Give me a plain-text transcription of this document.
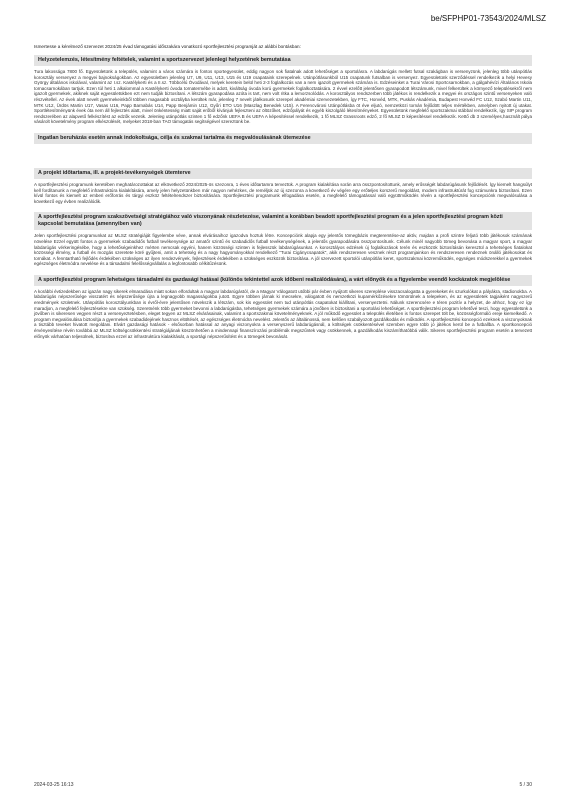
be/SFPHP01-73543/2024/MLSZ

Ismertesse a kérelmező szervezet 2024/25 évad támogatási időszakára vonatkozó sportfejlesztési programját az alábbi bontásban:

Helyzetelemzés, létesítmény feltételek, valamint a sportszervezet jelenlegi helyzetének bemutatása

Tura lakossága 7800 fő. Egyesületünk a település, valamint a város számára is fontos sportegyesület, eddig nagyon sok fiatalnak adott lehetőséget a sportolásra. A labdarúgás mellett futsal szakágban is versenyzünk, jelenleg több utánpótlás korosztály versenyez a megyei bajnokságokban. Az egyesületben jelenleg U7, U9, U11, U13, U15 és U19 csapataink szerepelnek. Utánpótlásunkból U15 csapatunk futsalban is versenyez. Egyesületünk szerződéssel rendelkezik a helyi Hevesy György általános iskolával, valamint az I.sz. Kastélykerti és a II.sz. Többcélú Óvodával, melyek keretein belül heti 2-3 foglalkozás van a nem igazolt gyermekek számára is. Edzéseinket a Turai Városi Sportcsarnokban, a gálgahévízi Általános Iskola tornacsarnokában tartjuk. Ezen túl heti 1 alkalommal a Kastélykerti óvoda tornatermébe is adott, kiváltság óvoda korú gyermekek foglalkoztatására. 2 évvel ezelőtt jelentősen gyarapodott létszámunk, mivel felkerültek a környező településekről nem igazolt gyermekek, akiknek saját egyesületükben ezt nem tudják biztosítani. A létszám gyarapodása azóta is tart, nem volt ritka a lemorzsolódás. A korosztályos rendszerben több játékos is rendelkezik a megyei és országos szintű versenyeken való részvétellel. Az évek alatt nevelt gyermekeinkből többen magasabb osztályba kerültek már, jelenleg 7 nevelt játékosunk szerepel akadémiai szervezetekben, így FTC, Honvéd, MTK, Puskás Akadémia, Budapest Honvéd FC U12, Szabó Martin U11, MTK U12, Ürdös Martin U17, Vasas U16, Papp Barnabás U14, Papp Benjámin U12, Győri ETO U16 (Maszlag Benedek U15). A Ferencvárosi Utánpótlásba öt éve eljutó, nemzetközi tornán fejlődött teljes mértékben, amelyben nyitott új utakat. Sportlétesítményünk évek óta nem áll fejlesztés alatt, mivel önkéntesség miatt saját erőből kívánjuk fejleszteni az öltözőket, edzőpályát és egyéb kiszolgáló létesítményeket. Egyesületünk megfelelő sportszakmai stábbal rendelkezik, így SIP program rendszerében az alapvető felkészítést az edzők vezetik. Jelenleg utánpótlás szinten 1 fő edzőnk UEFA B és UEFA A képesítéssel rendelkezik, 1 fő MLSZ Grassroots edző, 2 fő MLSZ D képesítéssel rendelkezik. Kettő db 3 személyes,használt pálya vásárolt követelmény program elkészülését, melyeket 2018-ban TAO támogatás segítségével szereztünk be.

Ingatlan beruházás esetén annak indokoltsága, célja és szakmai tartalma és megvalósulásának ütemezése

A projekt időtartama, ill. a projekt-tevékenységek ütemterve

A sportfejlesztési programunk keretében meghatározottakat az elkövetkező 2024/2025-ös szezonra, 1 éves időtartamra terveztük. A program kialakítása során arra összpontosítottunk, amely erősségét labdarúgásunk fejlődését. Így kiemelt hangsúlyt kell fordítanunk a megfelelő infrastruktúra kialakítására, amely jelen helyzetünkben már nagyon nehézkes, de reméljük az új szezonra a következő év végére egy erőteljes korszerű megoldást, modern infrastruktúrát fog számunkra biztosítani. Ezen kívül fontos és kiemelt az emberi erőforrás és tárgyi eszköz feltételrendszer biztosítására. Sportfejlesztési programunk elfogadása esetén, a megfelelő támogatással való együttműködés révén a sportfejlesztési koncepciónk megvalósulása a következő egy évben realizálódik.

A sportfejlesztési program szakszövetségi stratégiához való viszonyának részletezése, valamint a korábban beadott sportfejlesztési program és a jelen sportfejlesztési program közti kapcsolat bemutatása (amennyiben van)

Jelen sportfejlesztési programunkat az MLSZ stratégiáját figyelembe véve, annak elvárásaihoz igazodva hoztuk létre. Koncepciónk alapja egy jelentős tömegbázis megteremtése-az aktív, majdan a profi szintre feljutó több játékosok számának növelése Ezzel együtt fontos a gyermekek szabadidős futball tevékenysége az amatőr szintű és szabadidős futball tevékenységének, a jelentős gyarapodására összpontosítunk. Célunk minél nagyobb tömeg bevonása a magyar sport, a magyar labdarúgás vérkeringésébe, hogy a lehetőségeinkhez mérten nemcsak egyéni, hanem közösségi szinten is fejlesszük labdarúgásunkat. A korosztályos edzések új foglalkozások terén és eszközök biztosításán keresztül a tehetséges fiatalokat közösségi élmény, a futball és mozgás szeretete köré gyűjteni, amit a tehetség és a nagy hagyományokkal rendelkező "Turai Cigánycsapatok", akik rendszeresen vesznek részt programjainkon és rendszeresen rendeznek önálló játékosokat és tornákat. A fenntartható fejlődés érdekében szükséges az ilyen rendezvények, fejlesztések érdekében a szükséges eszközök biztosítása. A jól szervezett sportolói utánpótlás keret, sportszakmai közreműködés, egységes módszerekkel a gyermekek egészséges életmódra nevelése és a társadalmi felelősségvállalás a legfontosabb célkitűzésünk.

A sportfejlesztési program lehetséges társadalmi és gazdasági hatásai (különös tekintettel azok időbeni realizálódására), a várt előnyök és a figyelembe veendő kockázatok megjelölése

A korábbi évtizedekben az igazán nagy sikerek elmaradása miatt sokan elfordultak a magyar labdarúgástól, de a Magyar Válogatott utóbbi pár évben nyújtott sikeres szereplése visszacsalogatta a gyerekeket és szurkolókat a pályákra, stadionokba. A labdarúgás népszerűsége visszatért és népszerűsége újra a legnagyobb magasságokba jutott. Egyre többen járnak ki mecsekre, válogatott és nemzetközi kupamérkőzésekre tömörülnek a telepeken, és az egyesületek tagjaiként nagyszerű eredmények születnek. Utánpótlás korosztályunkban is évről-évre jelentősen növekszik a létszám, sok kis egyesület nem tud utánpótlás csapatokat kiállítani, versenyeztetni. Nálunk szerencsére e téren pozitív a helyzet, de ahhoz, hogy ez így maradjon, a megfelelő fejlesztésekre van szükség. Szeretnénk több gyermeket bevonni a labdarúgásba, tehetséges gyermekek számára a jövőben is biztosítani a sportolási lehetőséget. A sportfejlesztési program lehetővé teszi, hogy egyesületünk a jövőben is sikeresen vegyen részt a versenyeztetésben, eleget tegyen az MLSZ elvárásainak, valamint a sportszakmai követelményeknek. A jól működő egyesület a település életében is fontos szerepet tölt be, közösségformáló ereje kiemelkedő. A program megvalósulása biztosítja a gyermekek szabadidejének hasznos eltöltését, az egészséges életmódra nevelést. Jelentős az általánossá, nem kellően szabályozott gazdálkodás és működés. A sportfejlesztési koncepció ezeknek a viszonyoknak a tisztább teveket hivatott megoldani. Elvárt gazdasági hatások - elsősorban hatással az anyagi viszonyokra a versenyszerű labdarúgásnál, a költségek csökkentésével szemben egyre több jó játékos kerül be a futballba. A sportkoncepció érvényesítése révén továbbá az MLSZ költségcsökkentési stratégiájának köszönhetően a mindennapi finanszírozási problémák megszűntek vagy csökkennek, a gazdálkodás kiszámíthatóbbá válik. Sikeres sportfejlesztési program esetén a tervezett előnyök várhatóan teljesülnek, biztosítva ezzel az infrastruktúra kialakítását, a sportági népszerűsítést és a tömegek bevonását.

2024-03-25 16:13	5 / 30
